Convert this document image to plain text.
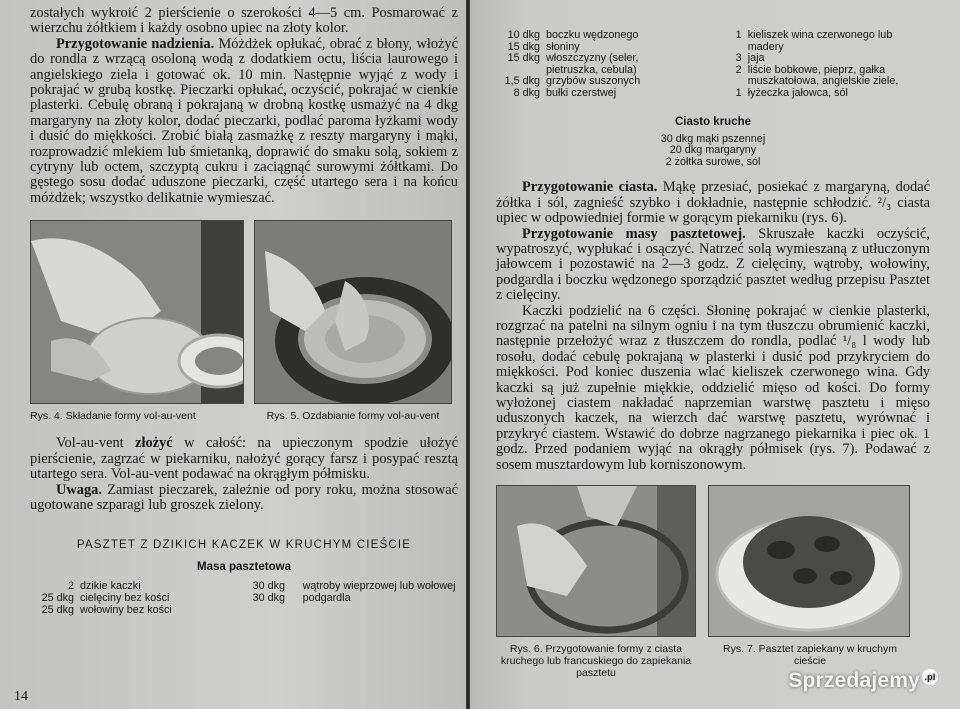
zostałych wykroić 2 pierścienie o szerokości 4—5 cm. Posmarować z wierzchu żółtkiem i każdy osobno upiec na złoty kolor.

Przygotowanie nadzienia. Móżdżek opłukać, obrać z błony, włożyć do rondla z wrzącą osoloną wodą z dodatkiem octu, liścia laurowego i angielskiego ziela i gotować ok. 10 min. Następnie wyjąć z wody i pokrajać w grubą kostkę. Pieczarki opłukać, oczyścić, pokrajać w cienkie plasterki. Cebulę obraną i pokrajaną w drobną kostkę usmażyć na 4 dkg margaryny na złoty kolor, dodać pieczarki, podlać paroma łyżkami wody i dusić do miękkości. Zrobić białą zasmażkę z reszty margaryny i mąki, rozprowadzić mlekiem lub śmietanką, doprawić do smaku solą, sokiem z cytryny lub octem, szczyptą cukru i zaciągnąć surowymi żółtkami. Do gęstego sosu dodać uduszone pieczarki, część utartego sera i na końcu móżdżek; wszystko delikatnie wymieszać.

Rys. 4. Składanie formy vol-au-vent	Rys. 5. Ozdabianie formy vol-au-vent

Vol-au-vent złożyć w całość: na upieczonym spodzie ułożyć pierścienie, zagrzać w piekarniku, nałożyć gorący farsz i posypać resztą utartego sera. Vol-au-vent podawać na okrągłym półmisku.

Uwaga. Zamiast pieczarek, zależnie od pory roku, można stosować ugotowane szparagi lub groszek zielony.

PASZTET Z DZIKICH KACZEK W KRUCHYM CIEŚCIE
Masa pasztetowa
2 dzikie kaczki
25 dkg cielęciny bez kości
25 dkg wołowiny bez kości
30 dkg	wątroby wieprzowej lub wołowej
30 dkg	podgardla
14
10 dkg boczku wędzonego
15 dkg słoniny
15 dkg włoszczyzny (seler, pietruszka, cebula)
1,5 dkg grzybów suszonych
8 dkg bułki czerstwej
1 kieliszek wina czerwonego lub madery
3 jaja
2 liście bobkowe, pieprz, gałka muszkatołowa, angielskie ziele,
1 łyżeczka jałowca, sól
Ciasto kruche
30 dkg mąki pszennej
20 dkg margaryny
2 żółtka surowe, sól

Przygotowanie ciasta. Mąkę przesiać, posiekać z margaryną, dodać żółtka i sól, zagnieść szybko i dokładnie, następnie schłodzić. ²/₃ ciasta upiec w odpowiedniej formie w gorącym piekarniku (rys. 6).

Przygotowanie masy pasztetowej. Skruszałe kaczki oczyścić, wypatroszyć, wypłukać i osączyć. Natrzeć solą wymieszaną z utłuczonym jałowcem i pozostawić na 2—3 godz. Z cielęciny, wątroby, wołowiny, podgardla i boczku wędzonego sporządzić pasztet według przepisu Pasztet z cielęciny.

Kaczki podzielić na 6 części. Słoninę pokrajać w cienkie plasterki, rozgrzać na patelni na silnym ogniu i na tym tłuszczu obrumienić kaczki, następnie przełożyć wraz z tłuszczem do rondla, podlać ¹/₈ l wody lub rosołu, dodać cebulę pokrajaną w plasterki i dusić pod przykryciem do miękkości. Pod koniec duszenia wlać kieliszek czerwonego wina. Gdy kaczki są już zupełnie miękkie, oddzielić mięso od kości. Do formy wyłożonej ciastem nakładać naprzemian warstwę pasztetu i mięso uduszonych kaczek, na wierzch dać warstwę pasztetu, wyrównać i przykryć ciastem. Wstawić do dobrze nagrzanego piekarnika i piec ok. 1 godz. Przed podaniem wyjąć na okrągły półmisek (rys. 7). Podawać z sosem musztardowym lub korniszonowym.

Rys. 6. Przygotowanie formy z ciasta kruchego lub francuskiego do zapiekania pasztetu
Rys. 7. Pasztet zapiekany w kruchym cieście
Sprzedajemy .pl
